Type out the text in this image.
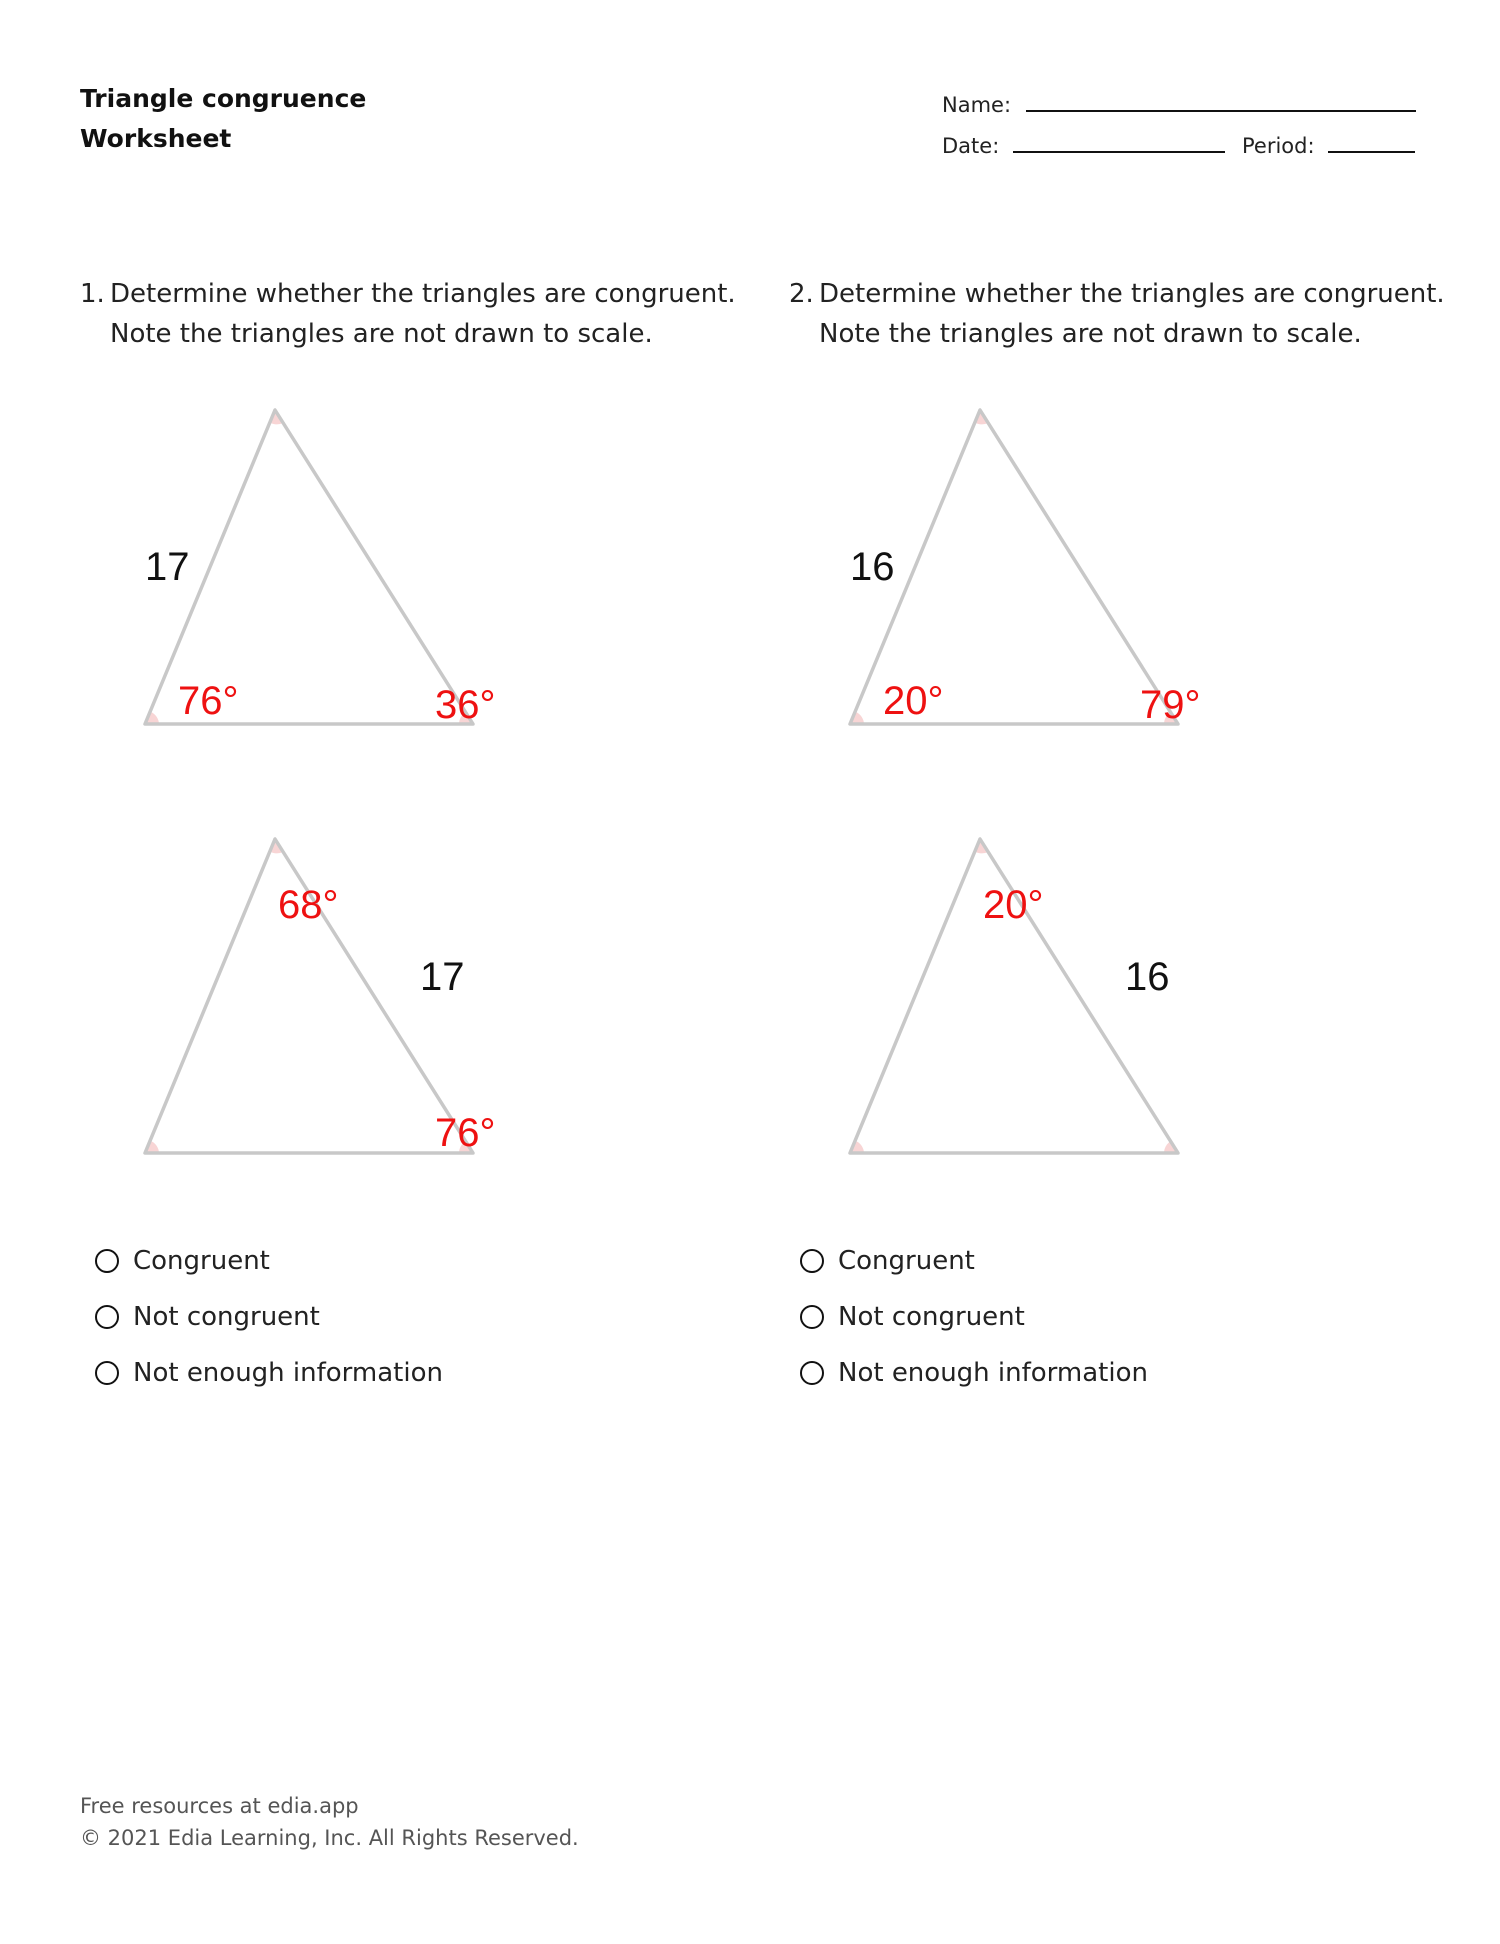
Triangle congruence
Worksheet
Name:
Date:	Period:
1. Determine whether the triangles are congruent.
Note the triangles are not drawn to scale.
2. Determine whether the triangles are congruent.
Note the triangles are not drawn to scale.
17
76°	36°
68°
17
76°
16
20°	79°
20°
16
Congruent
Not congruent
Not enough information
Congruent
Not congruent
Not enough information
Free resources at edia.app
© 2021 Edia Learning, Inc. All Rights Reserved.
